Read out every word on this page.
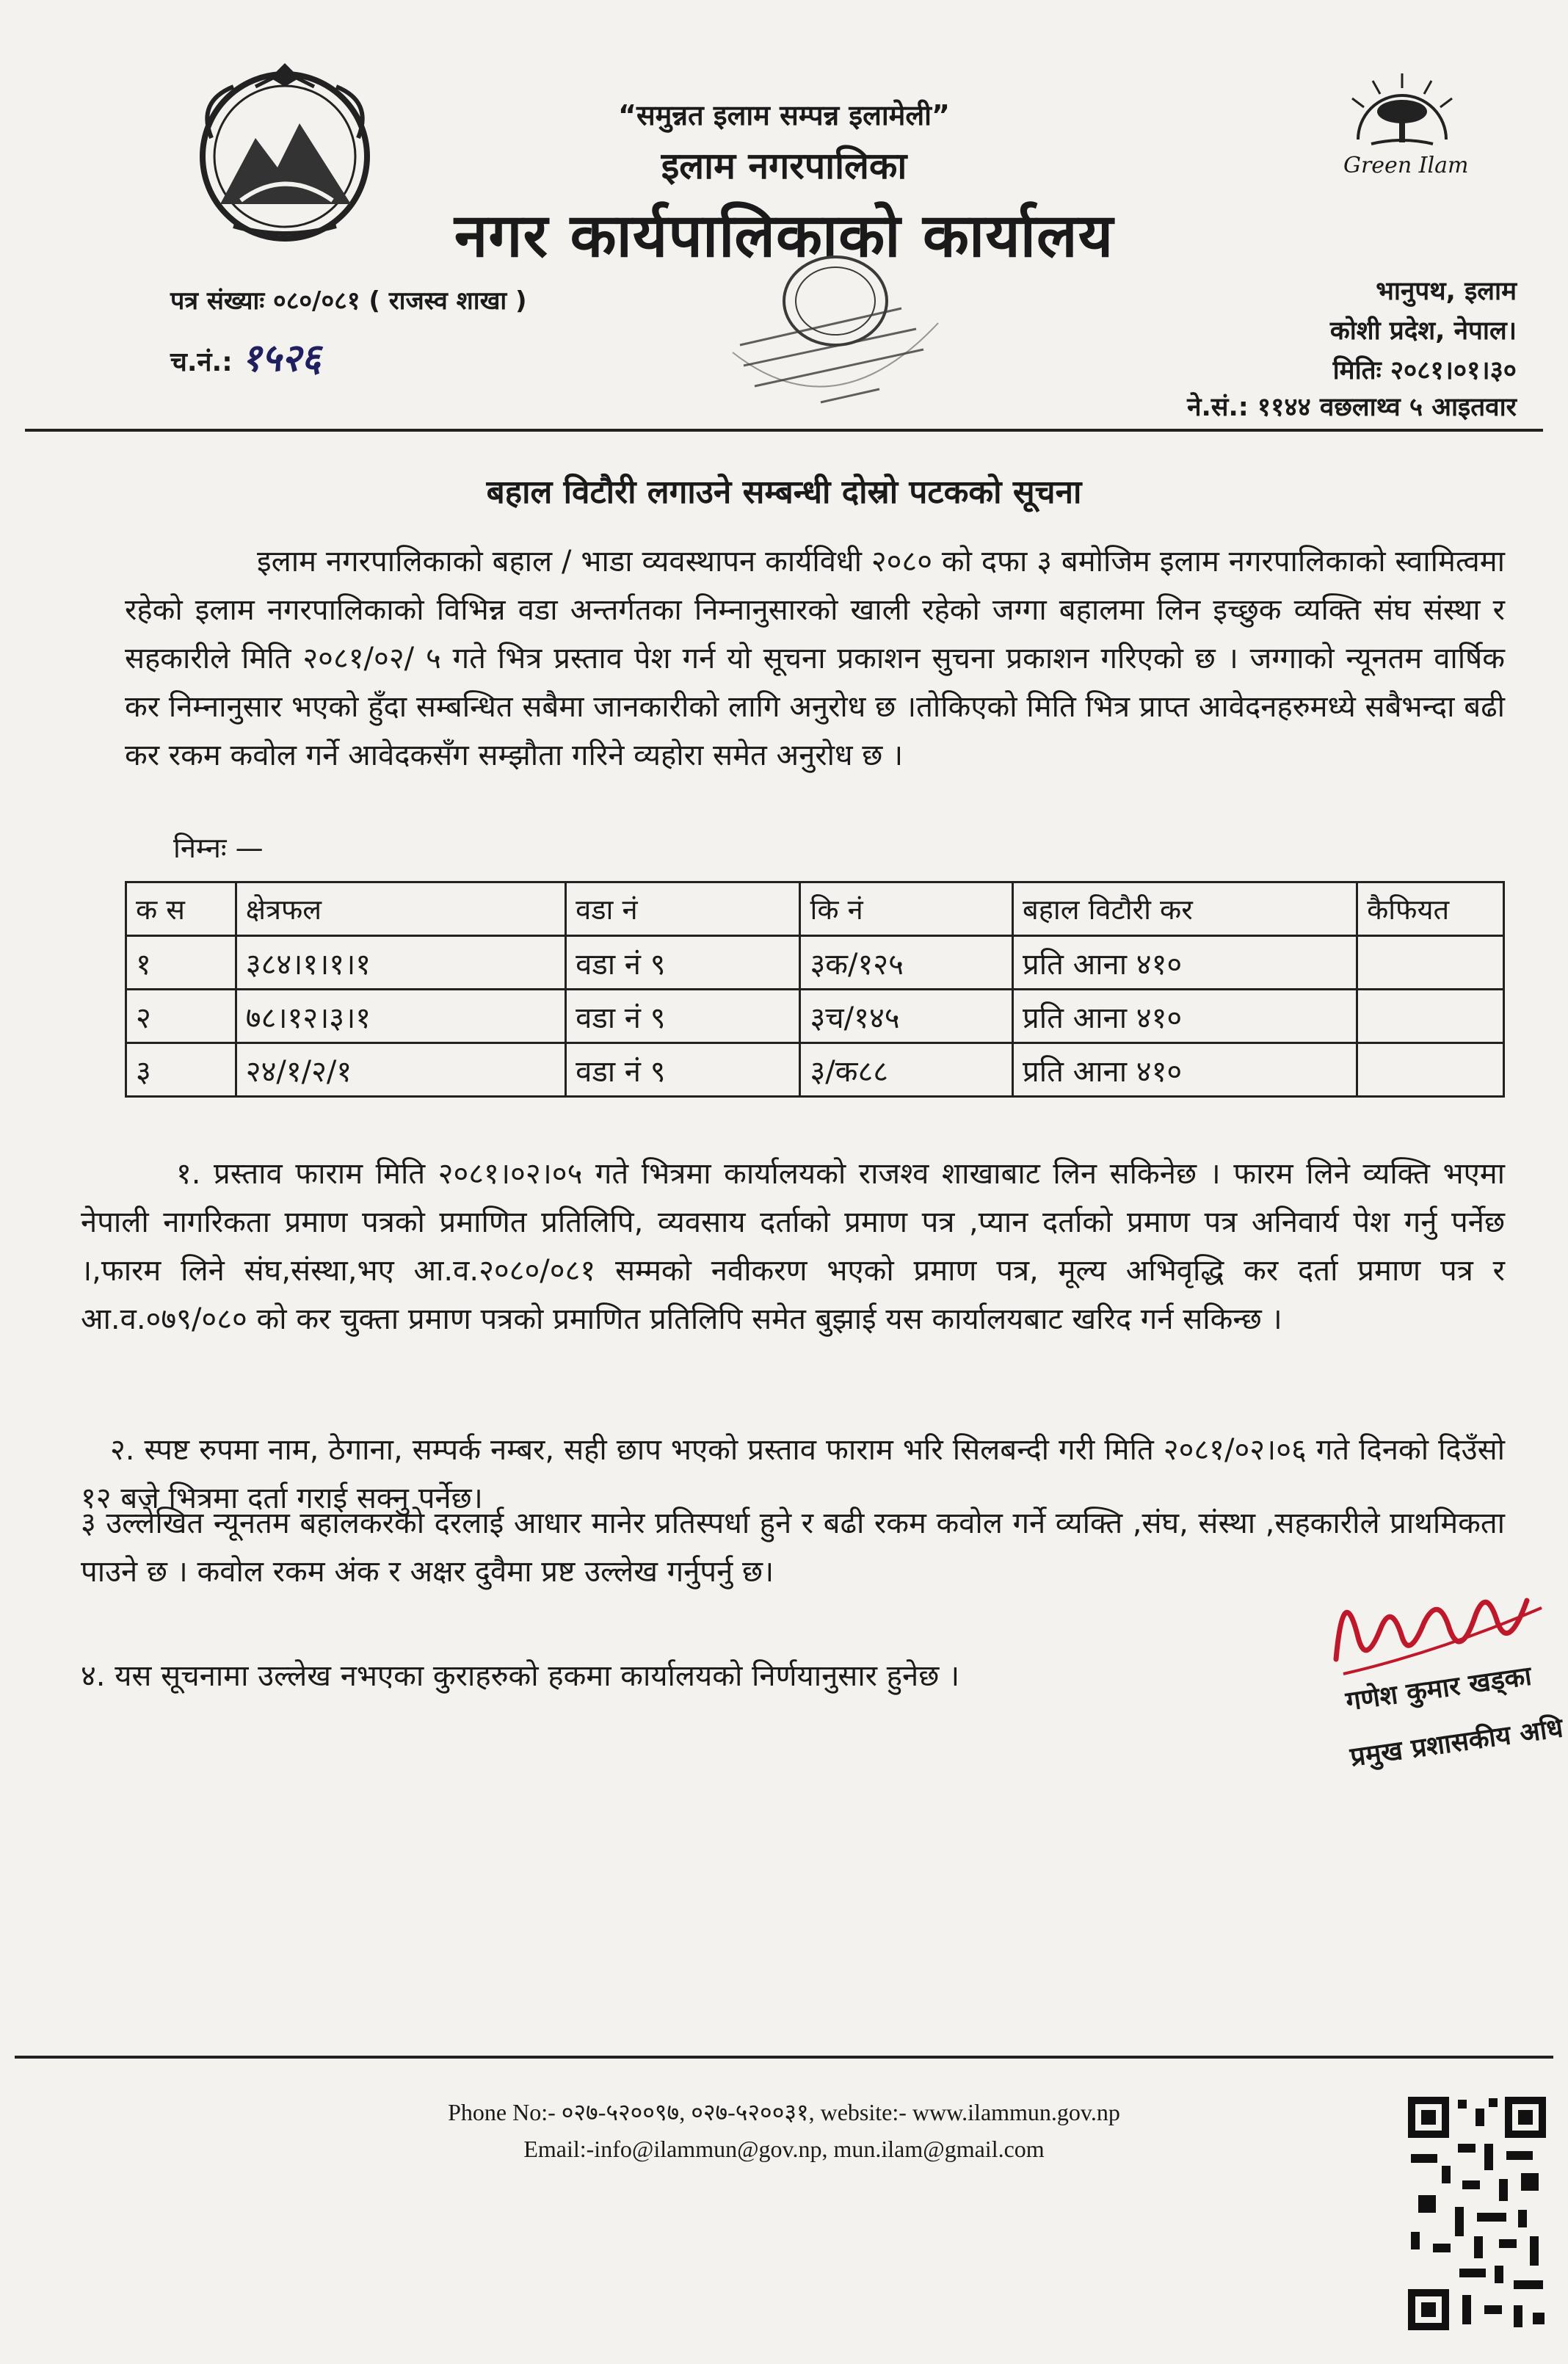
Green Ilam
“समुन्नत इलाम सम्पन्न इलामेली”
इलाम नगरपालिका
नगर कार्यपालिकाको कार्यालय
पत्र संख्याः ०८०/०८१ ( राजस्व शाखा )
च.नं.: १५२६
भानुपथ, इलाम
कोशी प्रदेश, नेपाल।
मितिः २०८१।०१।३०
ने.सं.: ११४४ वछलाथ्व ५ आइतवार
बहाल विटौरी लगाउने सम्बन्धी दोस्रो पटकको सूचना
इलाम नगरपालिकाको बहाल / भाडा व्यवस्थापन कार्यविधी २०८० को दफा ३ बमोजिम इलाम नगरपालिकाको स्वामित्वमा रहेको इलाम नगरपालिकाको विभिन्न वडा अन्तर्गतका निम्नानुसारको खाली रहेको जग्गा बहालमा लिन इच्छुक व्यक्ति संघ संस्था र सहकारीले मिति २०८१/०२/ ५ गते भित्र प्रस्ताव पेश गर्न यो सूचना प्रकाशन सुचना प्रकाशन गरिएको छ । जग्गाको न्यूनतम वार्षिक कर निम्नानुसार भएको हुँदा सम्बन्धित सबैमा जानकारीको लागि अनुरोध छ ।तोकिएको मिति भित्र प्राप्त आवेदनहरुमध्ये सबैभन्दा बढी कर रकम कवोल गर्ने आवेदकसँग सम्झौता गरिने व्यहोरा समेत अनुरोध छ ।
निम्नः —
क स	क्षेत्रफल	वडा नं	कि नं	बहाल विटौरी कर	कैफियत
१	३८४।१।१।१	वडा नं ९	३क/१२५	प्रति आना ४१०	
२	७८।१२।३।१	वडा नं ९	३च/१४५	प्रति आना ४१०	
३	२४/१/२/१	वडा नं ९	३/क८८	प्रति आना ४१०	
१. प्रस्ताव फाराम मिति २०८१।०२।०५ गते भित्रमा कार्यालयको राजश्व शाखाबाट लिन सकिनेछ । फारम लिने व्यक्ति भएमा नेपाली नागरिकता प्रमाण पत्रको प्रमाणित प्रतिलिपि, व्यवसाय दर्ताको प्रमाण पत्र ,प्यान दर्ताको प्रमाण पत्र अनिवार्य पेश गर्नु पर्नेछ ।,फारम लिने संघ,संस्था,भए आ.व.२०८०/०८१ सम्मको नवीकरण भएको प्रमाण पत्र, मूल्य अभिवृद्धि कर दर्ता प्रमाण पत्र र आ.व.०७९/०८० को कर चुक्ता प्रमाण पत्रको प्रमाणित प्रतिलिपि समेत बुझाई यस कार्यालयबाट खरिद गर्न सकिन्छ ।
२. स्पष्ट रुपमा नाम, ठेगाना, सम्पर्क नम्बर, सही छाप भएको प्रस्ताव फाराम भरि सिलबन्दी गरी मिति २०८१/०२।०६ गते दिनको दिउँसो १२ बजे भित्रमा दर्ता गराई सक्नु पर्नेछ।
३ उल्लेखित न्यूनतम बहालकरको दरलाई आधार मानेर प्रतिस्पर्धा हुने र बढी रकम कवोल गर्ने व्यक्ति ,संघ, संस्था ,सहकारीले प्राथमिकता पाउने छ । कवोल रकम अंक र अक्षर दुवैमा प्रष्ट उल्लेख गर्नुपर्नु छ।
४. यस सूचनामा उल्लेख नभएका कुराहरुको हकमा कार्यालयको निर्णयानुसार हुनेछ ।	गणेश कुमार खड्का
प्रमुख प्रशासकीय अधि
Phone No:- ०२७-५२००९७, ०२७-५२००३१, website:- www.ilammun.gov.np
Email:-info@ilammun@gov.np, mun.ilam@gmail.com
